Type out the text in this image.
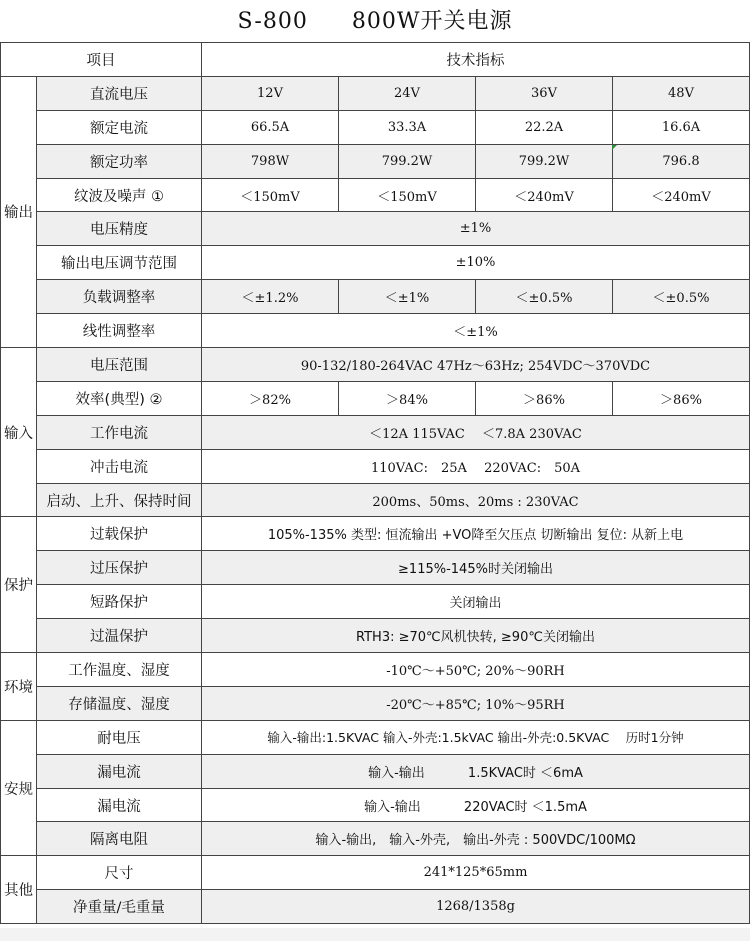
S-800 800W开关电源
项目		技术指标			
输出	直流电压	12V	24V	36V	48V
	额定电流	66.5A	33.3A	22.2A	16.6A
	额定功率	798W	799.2W	799.2W	796.8
	纹波及噪声 ①	＜150mV	＜150mV	＜240mV	＜240mV
	电压精度	±1%			
	输出电压调节范围	±10%			
	负载调整率	＜±1.2%	＜±1%	＜±0.5%	＜±0.5%
	线性调整率	＜±1%			
输入	电压范围	90-132/180-264VAC 47Hz～63Hz; 254VDC～370VDC			
	效率(典型) ②	＞82%	＞84%	＞86%	＞86%
	工作电流	＜12A 115VAC　 ＜7.8A 230VAC			
	冲击电流	110VAC:　25A　 220VAC:　50A			
	启动、上升、保持时间	200ms、50ms、20ms : 230VAC			
保护	过载保护	105%-135% 类型: 恒流输出 +VO降至欠压点 切断输出 复位: 从新上电			
	过压保护	≥115%-145%时关闭输出			
	短路保护	关闭输出			
	过温保护	RTH3: ≥70℃风机快转, ≥90℃关闭输出			
环境	工作温度、湿度	-10℃～+50℃; 20%～90RH			
	存储温度、湿度	-20℃～+85℃; 10%～95RH			
安规	耐电压	输入-输出:1.5KVAC 输入-外壳:1.5kVAC 输出-外壳:0.5KVAC　 历时1分钟			
	漏电流	输入-输出　　　 1.5KVAC时 ＜6mA			
	漏电流	输入-输出　　　 220VAC时 ＜1.5mA			
	隔离电阻	输入-输出,　输入-外壳,　输出-外壳 : 500VDC/100MΩ			
其他	尺寸	241*125*65mm			
	净重量/毛重量	1268/1358g			
